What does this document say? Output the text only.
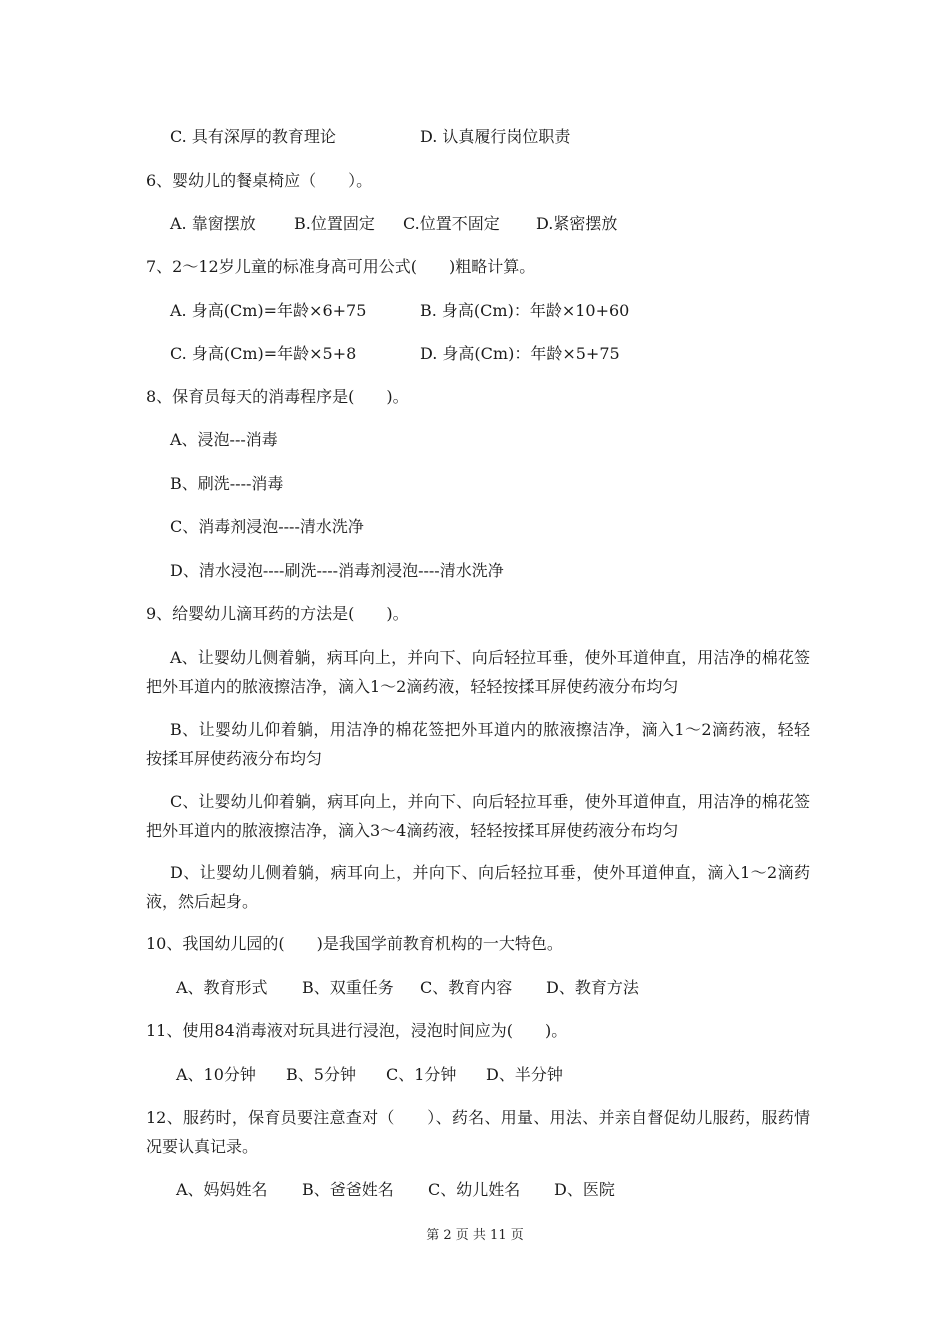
C. 具有深厚的教育理论	D. 认真履行岗位职责
6、婴幼儿的餐桌椅应（　　）。
A. 靠窗摆放 B.位置固定 C.位置不固定 D.紧密摆放
7、2～12岁儿童的标准身高可用公式(　　)粗略计算。
A. 身高(Cm)=年龄×6+75	B. 身高(Cm)：年龄×10+60
C. 身高(Cm)=年龄×5+8	D. 身高(Cm)：年龄×5+75
8、保育员每天的消毒程序是(　　)。
A、浸泡---消毒
B、刷洗----消毒
C、消毒剂浸泡----清水洗净
D、清水浸泡----刷洗----消毒剂浸泡----清水洗净
9、给婴幼儿滴耳药的方法是(　　)。
A、让婴幼儿侧着躺，病耳向上，并向下、向后轻拉耳垂，使外耳道伸直，用洁净的棉花签把外耳道内的脓液擦洁净，滴入1～2滴药液，轻轻按揉耳屏使药液分布均匀
B、让婴幼儿仰着躺，用洁净的棉花签把外耳道内的脓液擦洁净，滴入1～2滴药液，轻轻按揉耳屏使药液分布均匀
C、让婴幼儿仰着躺，病耳向上，并向下、向后轻拉耳垂，使外耳道伸直，用洁净的棉花签把外耳道内的脓液擦洁净，滴入3～4滴药液，轻轻按揉耳屏使药液分布均匀
D、让婴幼儿侧着躺，病耳向上，并向下、向后轻拉耳垂，使外耳道伸直，滴入1～2滴药液，然后起身。
10、我国幼儿园的(　　)是我国学前教育机构的一大特色。
A、教育形式 B、双重任务 C、教育内容 D、教育方法
11、使用84消毒液对玩具进行浸泡，浸泡时间应为(　　)。
A、10分钟 B、5分钟 C、1分钟 D、半分钟
12、服药时，保育员要注意查对（　　）、药名、用量、用法、并亲自督促幼儿服药，服药情况要认真记录。
A、妈妈姓名 B、爸爸姓名 C、幼儿姓名 D、医院
第 2 页 共 11 页
